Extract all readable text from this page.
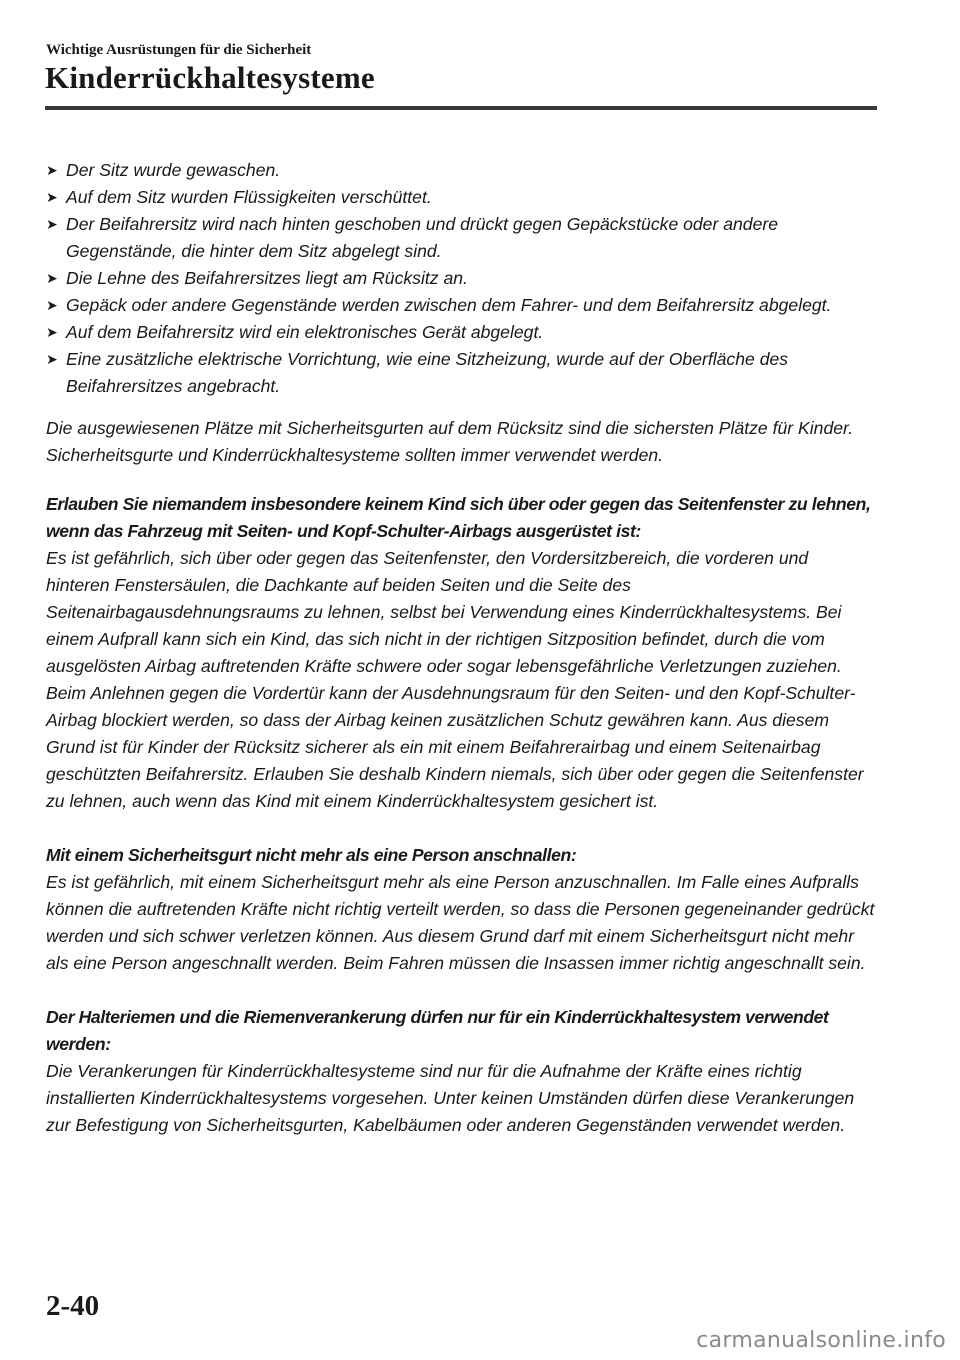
Wichtige Ausrüstungen für die Sicherheit
Kinderrückhaltesysteme
➤ Der Sitz wurde gewaschen.
➤ Auf dem Sitz wurden Flüssigkeiten verschüttet.
➤ Der Beifahrersitz wird nach hinten geschoben und drückt gegen Gepäckstücke oder andere Gegenstände, die hinter dem Sitz abgelegt sind.
➤ Die Lehne des Beifahrersitzes liegt am Rücksitz an.
➤ Gepäck oder andere Gegenstände werden zwischen dem Fahrer- und dem Beifahrersitz abgelegt.
➤ Auf dem Beifahrersitz wird ein elektronisches Gerät abgelegt.
➤ Eine zusätzliche elektrische Vorrichtung, wie eine Sitzheizung, wurde auf der Oberfläche des Beifahrersitzes angebracht.

Die ausgewiesenen Plätze mit Sicherheitsgurten auf dem Rücksitz sind die sichersten Plätze für Kinder. Sicherheitsgurte und Kinderrückhaltesysteme sollten immer verwendet werden.

Erlauben Sie niemandem insbesondere keinem Kind sich über oder gegen das Seitenfenster zu lehnen, wenn das Fahrzeug mit Seiten- und Kopf-Schulter-Airbags ausgerüstet ist:

Es ist gefährlich, sich über oder gegen das Seitenfenster, den Vordersitzbereich, die vorderen und hinteren Fenstersäulen, die Dachkante auf beiden Seiten und die Seite des Seitenairbagausdehnungsraums zu lehnen, selbst bei Verwendung eines Kinderrückhaltesystems. Bei einem Aufprall kann sich ein Kind, das sich nicht in der richtigen Sitzposition befindet, durch die vom ausgelösten Airbag auftretenden Kräfte schwere oder sogar lebensgefährliche Verletzungen zuziehen. Beim Anlehnen gegen die Vordertür kann der Ausdehnungsraum für den Seiten- und den Kopf-Schulter-Airbag blockiert werden, so dass der Airbag keinen zusätzlichen Schutz gewähren kann. Aus diesem Grund ist für Kinder der Rücksitz sicherer als ein mit einem Beifahrerairbag und einem Seitenairbag geschützten Beifahrersitz. Erlauben Sie deshalb Kindern niemals, sich über oder gegen die Seitenfenster zu lehnen, auch wenn das Kind mit einem Kinderrückhaltesystem gesichert ist.

Mit einem Sicherheitsgurt nicht mehr als eine Person anschnallen:

Es ist gefährlich, mit einem Sicherheitsgurt mehr als eine Person anzuschnallen. Im Falle eines Aufpralls können die auftretenden Kräfte nicht richtig verteilt werden, so dass die Personen gegeneinander gedrückt werden und sich schwer verletzen können. Aus diesem Grund darf mit einem Sicherheitsgurt nicht mehr als eine Person angeschnallt werden. Beim Fahren müssen die Insassen immer richtig angeschnallt sein.

Der Halteriemen und die Riemenverankerung dürfen nur für ein Kinderrückhaltesystem verwendet werden:

Die Verankerungen für Kinderrückhaltesysteme sind nur für die Aufnahme der Kräfte eines richtig installierten Kinderrückhaltesystems vorgesehen. Unter keinen Umständen dürfen diese Verankerungen zur Befestigung von Sicherheitsgurten, Kabelbäumen oder anderen Gegenständen verwendet werden.

2-40
carmanualsonline.info
